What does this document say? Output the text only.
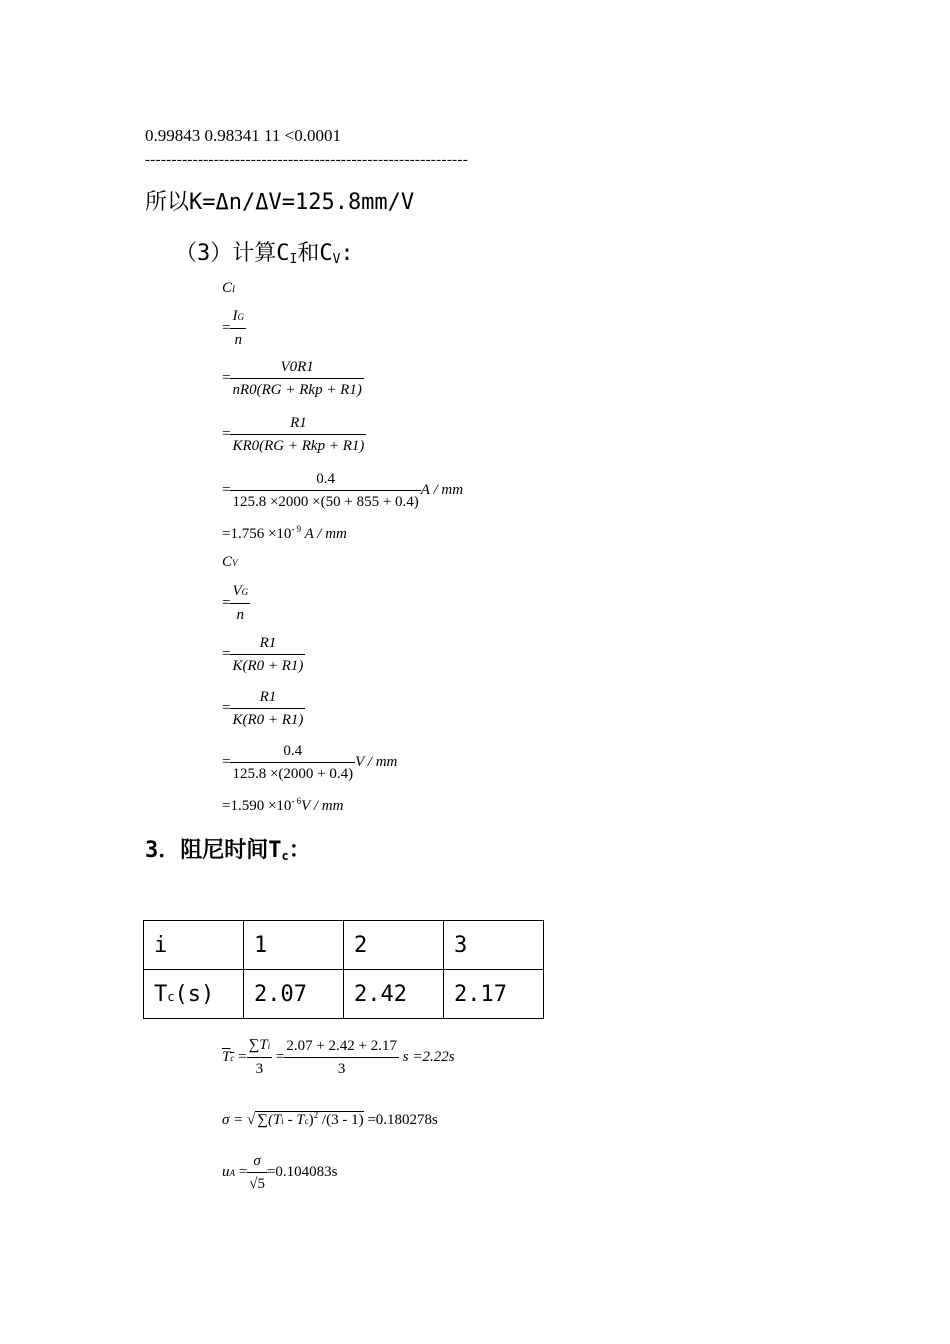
0.99843 0.98341 11 <0.0001
-------------------------------------------------------------
所以K=Δn/ΔV=125.8mm/V
（3）计算$C_I$和$C_V$:
CI
= $\frac{IG}{n}$
= $\frac{V0R1}{\text{nR0(RG + Rkp + R1)}}$
= $\frac{R1}{\text{KR0(RG + Rkp + R1)}}$
= $\frac{0.4}{125.8 \times 2000 \times(50 + 855 + 0.4)}$ A / mm
$=1.756 \times 10^{- 9}$ A / mm
CV
= $\frac{VG}{n}$
= $\frac{R1}{K(R0 + R1)}$
= $\frac{R1}{K(R0 + R1)}$
= $\frac{0.4}{125.8 \times(2000 + 0.4)}$ V / mm
$=1.590 \times 10^{- 6}V$ / mm
3．阻尼时间$T_c$：
i	1	2	3
Tc(s)	2.07	2.42	2.17
$Tc = \frac{\sum Ti}{3} = \frac{2.07 + 2.42 + 2.17}{3}$ s =2.22s
σ = √ ∑(Ti - Tc)$^2$ /(3 - 1) =0.180278s
uA = $\frac{\sigma}{√5} =0.104083s$
